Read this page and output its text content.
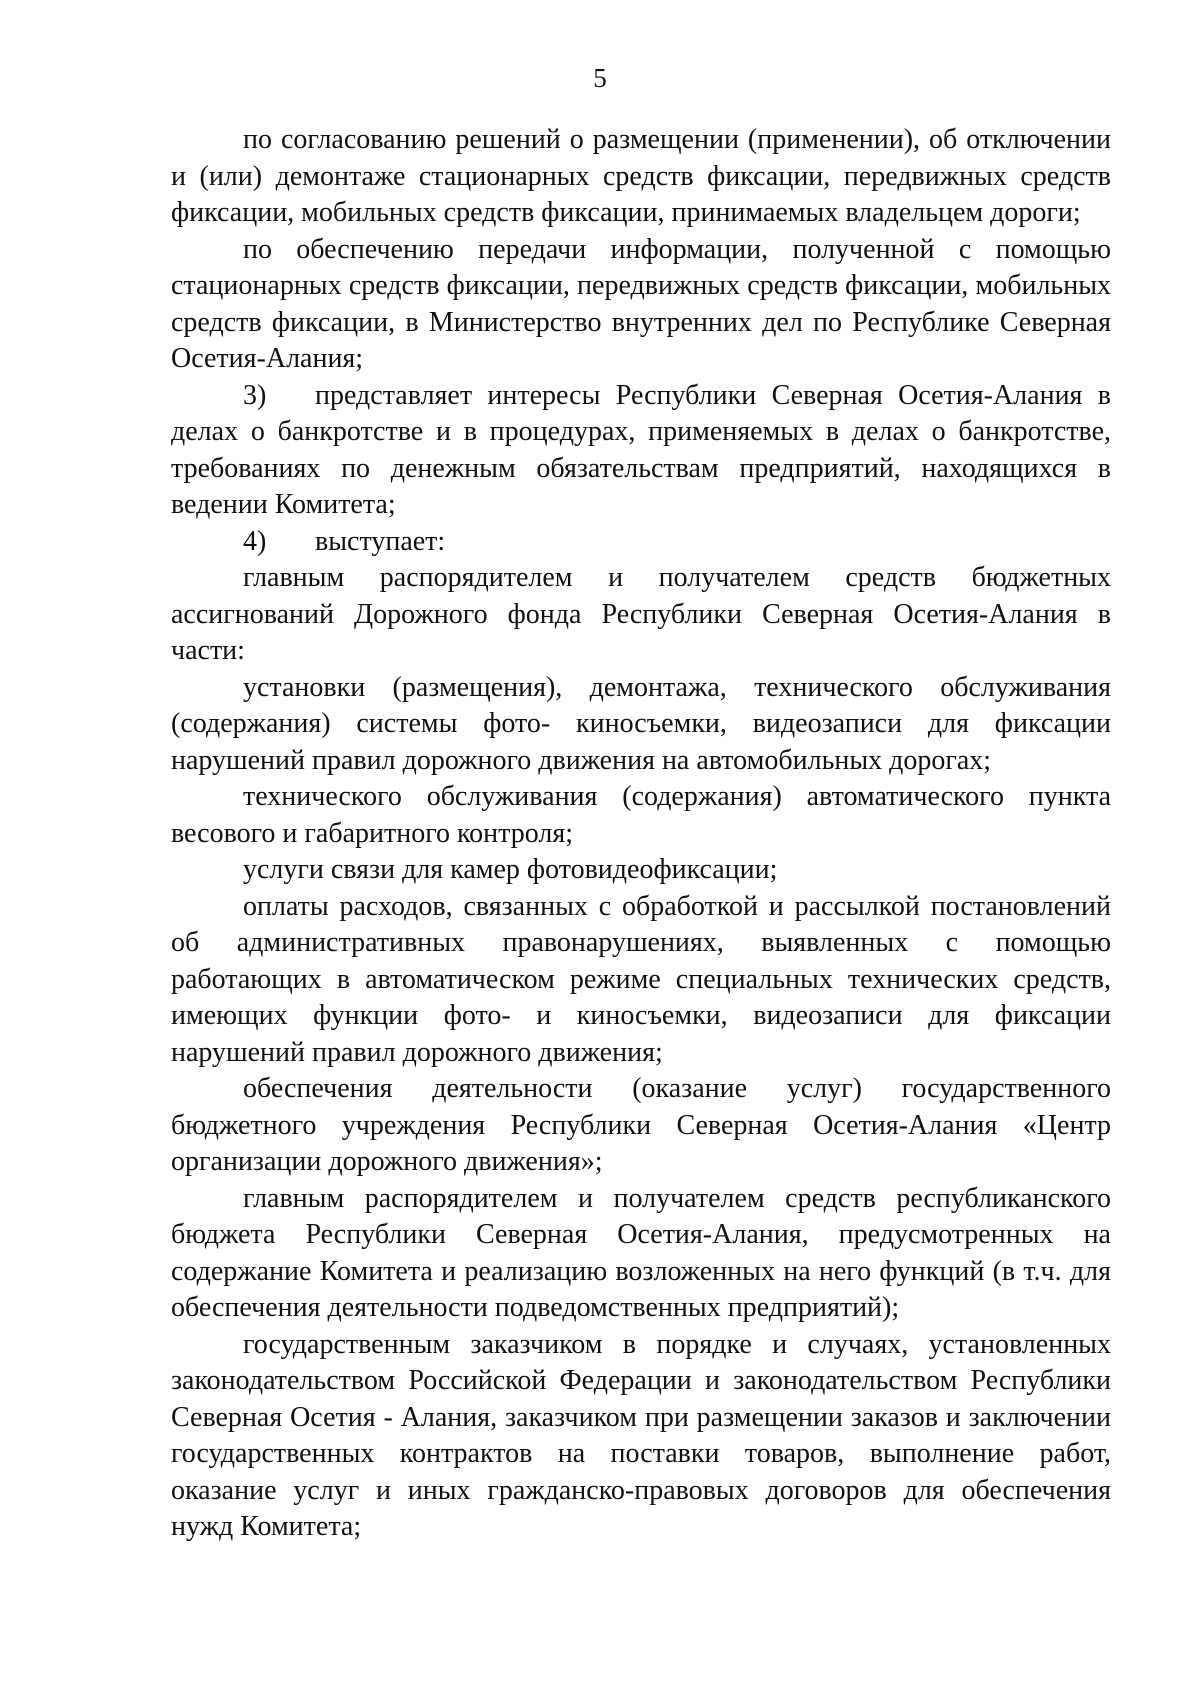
5

по согласованию решений о размещении (применении), об отключении и (или) демонтаже стационарных средств фиксации, передвижных средств фиксации, мобильных средств фиксации, принимаемых владельцем дороги;

по обеспечению передачи информации, полученной с помощью стационарных средств фиксации, передвижных средств фиксации, мобильных средств фиксации, в Министерство внутренних дел по Республике Северная Осетия-Алания;

3) представляет интересы Республики Северная Осетия-Алания в делах о банкротстве и в процедурах, применяемых в делах о банкротстве, требованиях по денежным обязательствам предприятий, находящихся в ведении Комитета;

4) выступает:

главным распорядителем и получателем средств бюджетных ассигнований Дорожного фонда Республики Северная Осетия-Алания в части:

установки (размещения), демонтажа, технического обслуживания (содержания) системы фото- киносъемки, видеозаписи для фиксации нарушений правил дорожного движения на автомобильных дорогах;

технического обслуживания (содержания) автоматического пункта весового и габаритного контроля;

услуги связи для камер фотовидеофиксации;

оплаты расходов, связанных с обработкой и рассылкой постановлений об административных правонарушениях, выявленных с помощью работающих в автоматическом режиме специальных технических средств, имеющих функции фото- и киносъемки, видеозаписи для фиксации нарушений правил дорожного движения;

обеспечения деятельности (оказание услуг) государственного бюджетного учреждения Республики Северная Осетия-Алания «Центр организации дорожного движения»;

главным распорядителем и получателем средств республиканского бюджета Республики Северная Осетия-Алания, предусмотренных на содержание Комитета и реализацию возложенных на него функций (в т.ч. для обеспечения деятельности подведомственных предприятий);

государственным заказчиком в порядке и случаях, установленных законодательством Российской Федерации и законодательством Республики Северная Осетия - Алания, заказчиком при размещении заказов и заключении государственных контрактов на поставки товаров, выполнение работ, оказание услуг и иных гражданско-правовых договоров для обеспечения нужд Комитета;
